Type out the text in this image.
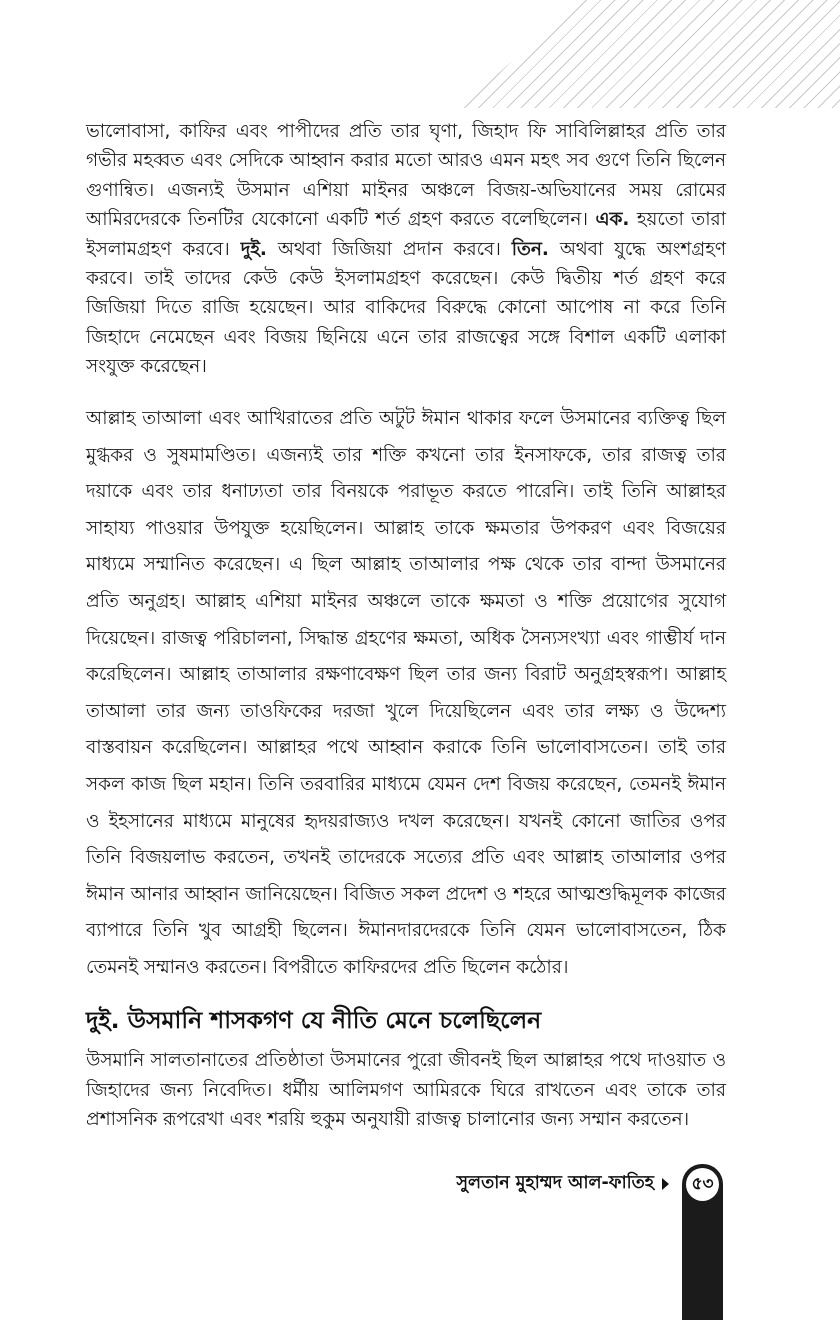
ভালোবাসা, কাফির এবং পাপীদের প্রতি তার ঘৃণা, জিহাদ ফি সাবিলিল্লাহর প্রতি তার গভীর মহব্বত এবং সেদিকে আহ্বান করার মতো আরও এমন মহৎ সব গুণে তিনি ছিলেন গুণান্বিত। এজন্যই উসমান এশিয়া মাইনর অঞ্চলে বিজয়-অভিযানের সময় রোমের আমিরদেরকে তিনটির যেকোনো একটি শর্ত গ্রহণ করতে বলেছিলেন। এক. হয়তো তারা ইসলামগ্রহণ করবে। দুই. অথবা জিজিয়া প্রদান করবে। তিন. অথবা যুদ্ধে অংশগ্রহণ করবে। তাই তাদের কেউ কেউ ইসলামগ্রহণ করেছেন। কেউ দ্বিতীয় শর্ত গ্রহণ করে জিজিয়া দিতে রাজি হয়েছেন। আর বাকিদের বিরুদ্ধে কোনো আপোষ না করে তিনি জিহাদে নেমেছেন এবং বিজয় ছিনিয়ে এনে তার রাজত্বের সঙ্গে বিশাল একটি এলাকা সংযুক্ত করেছেন।

আল্লাহ তাআলা এবং আখিরাতের প্রতি অটুট ঈমান থাকার ফলে উসমানের ব্যক্তিত্ব ছিল মুগ্ধকর ও সুষমামণ্ডিত। এজন্যই তার শক্তি কখনো তার ইনসাফকে, তার রাজত্ব তার দয়াকে এবং তার ধনাঢ্যতা তার বিনয়কে পরাভূত করতে পারেনি। তাই তিনি আল্লাহর সাহায্য পাওয়ার উপযুক্ত হয়েছিলেন। আল্লাহ তাকে ক্ষমতার উপকরণ এবং বিজয়ের মাধ্যমে সম্মানিত করেছেন। এ ছিল আল্লাহ তাআলার পক্ষ থেকে তার বান্দা উসমানের প্রতি অনুগ্রহ। আল্লাহ এশিয়া মাইনর অঞ্চলে তাকে ক্ষমতা ও শক্তি প্রয়োগের সুযোগ দিয়েছেন। রাজত্ব পরিচালনা, সিদ্ধান্ত গ্রহণের ক্ষমতা, অধিক সৈন্যসংখ্যা এবং গাম্ভীর্য দান করেছিলেন। আল্লাহ তাআলার রক্ষণাবেক্ষণ ছিল তার জন্য বিরাট অনুগ্রহস্বরূপ। আল্লাহ তাআলা তার জন্য তাওফিকের দরজা খুলে দিয়েছিলেন এবং তার লক্ষ্য ও উদ্দেশ্য বাস্তবায়ন করেছিলেন। আল্লাহর পথে আহ্বান করাকে তিনি ভালোবাসতেন। তাই তার সকল কাজ ছিল মহান। তিনি তরবারির মাধ্যমে যেমন দেশ বিজয় করেছেন, তেমনই ঈমান ও ইহসানের মাধ্যমে মানুষের হৃদয়রাজ্যও দখল করেছেন। যখনই কোনো জাতির ওপর তিনি বিজয়লাভ করতেন, তখনই তাদেরকে সত্যের প্রতি এবং আল্লাহ তাআলার ওপর ঈমান আনার আহ্বান জানিয়েছেন। বিজিত সকল প্রদেশ ও শহরে আত্মশুদ্ধিমূলক কাজের ব্যাপারে তিনি খুব আগ্রহী ছিলেন। ঈমানদারদেরকে তিনি যেমন ভালোবাসতেন, ঠিক তেমনই সম্মানও করতেন। বিপরীতে কাফিরদের প্রতি ছিলেন কঠোর।

দুই. উসমানি শাসকগণ যে নীতি মেনে চলেছিলেন

উসমানি সালতানাতের প্রতিষ্ঠাতা উসমানের পুরো জীবনই ছিল আল্লাহর পথে দাওয়াত ও জিহাদের জন্য নিবেদিত। ধর্মীয় আলিমগণ আমিরকে ঘিরে রাখতেন এবং তাকে তার প্রশাসনিক রূপরেখা এবং শরয়ি হুকুম অনুযায়ী রাজত্ব চালানোর জন্য সম্মান করতেন।

সুলতান মুহাম্মদ আল-ফাতিহ	৫৩
